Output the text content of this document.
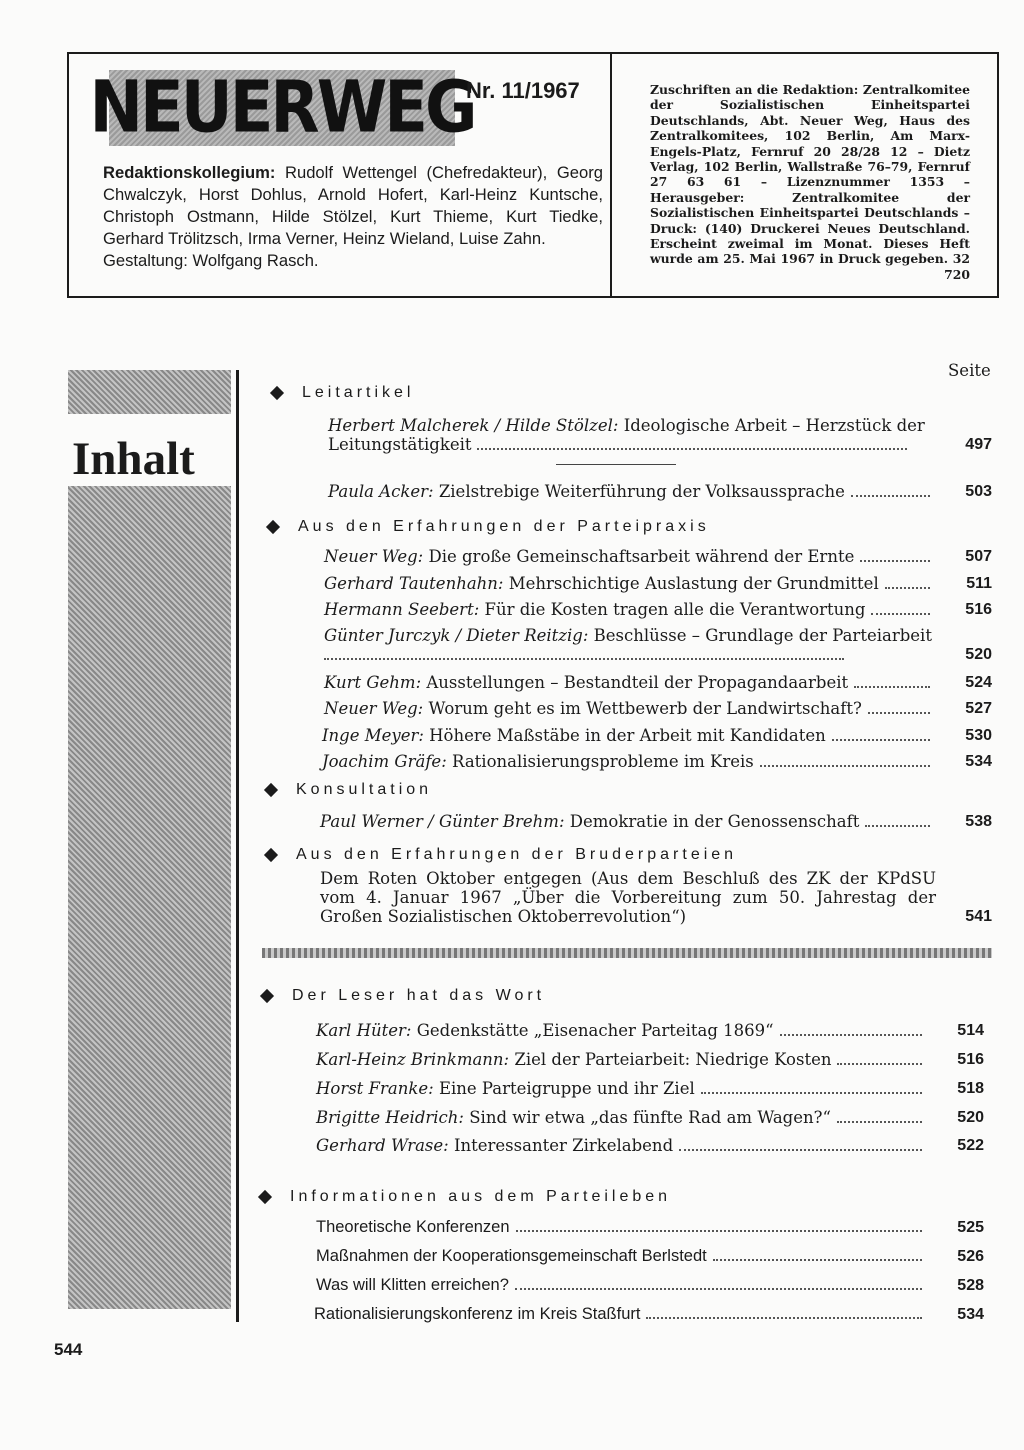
NEUERWEG
Nr. 11/1967
Redaktionskollegium: Rudolf Wettengel (Chefredakteur), Georg Chwalczyk, Horst Dohlus, Arnold Hofert, Karl-Heinz Kuntsche, Christoph Ostmann, Hilde Stölzel, Kurt Thieme, Kurt Tiedke, Gerhard Trölitzsch, Irma Verner, Heinz Wieland, Luise Zahn.
Gestaltung: Wolfgang Rasch.
Zuschriften an die Redaktion: Zentralkomitee der Sozialistischen Einheitspartei Deutschlands, Abt. Neuer Weg, Haus des Zentralkomitees, 102 Berlin, Am Marx-Engels-Platz, Fernruf 20 28/28 12 – Dietz Verlag, 102 Berlin, Wallstraße 76–79, Fernruf 27 63 61 – Lizenznummer 1353 – Herausgeber: Zentralkomitee der Sozialistischen Einheitspartei Deutschlands – Druck: (140) Druckerei Neues Deutschland. Erscheint zweimal im Monat. Dieses Heft wurde am 25. Mai 1967 in Druck gegeben. 32 720
Inhalt
Seite
Leitartikel
Herbert Malcherek / Hilde Stölzel: Ideologische Arbeit – Herzstück der Leitungstätigkeit	497
Paula Acker:
Zielstrebige Weiterführung der Volksaussprache	503
Aus den Erfahrungen der Parteipraxis
Neuer Weg:
Die große Gemeinschaftsarbeit während der Ernte	507
Gerhard Tautenhahn:
Mehrschichtige Auslastung der Grundmittel	511
Hermann Seebert:
Für die Kosten tragen alle die Verantwortung	516
Günter Jurczyk / Dieter Reitzig: Beschlüsse – Grundlage der Parteiarbeit
520
Kurt Gehm:
Ausstellungen – Bestandteil der Propagandaarbeit	524
Neuer Weg:
Worum geht es im Wettbewerb der Landwirtschaft?	527
Inge Meyer:
Höhere Maßstäbe in der Arbeit mit Kandidaten	530
Joachim Gräfe:
Rationalisierungsprobleme im Kreis	534
Konsultation
Paul Werner / Günter Brehm:
Demokratie in der Genossenschaft	538
Aus den Erfahrungen der Bruderparteien
Dem Roten Oktober entgegen (Aus dem Beschluß des ZK der KPdSU vom 4. Januar 1967 „Über die Vorbereitung zum 50. Jahrestag der Großen Sozialistischen Oktoberrevolution“)	541
Der Leser hat das Wort
Karl Hüter:
Gedenkstätte „Eisenacher Parteitag 1869“	514
Karl-Heinz Brinkmann:
Ziel der Parteiarbeit: Niedrige Kosten	516
Horst Franke:
Eine Parteigruppe und ihr Ziel	518
Brigitte Heidrich:
Sind wir etwa „das fünfte Rad am Wagen?“	520
Gerhard Wrase:
Interessanter Zirkelabend	522
Informationen aus dem Parteileben
Theoretische Konferenzen	525
Maßnahmen der Kooperationsgemeinschaft Berlstedt	526
Was will Klitten erreichen?	528
Rationalisierungskonferenz im Kreis Staßfurt	534
544
